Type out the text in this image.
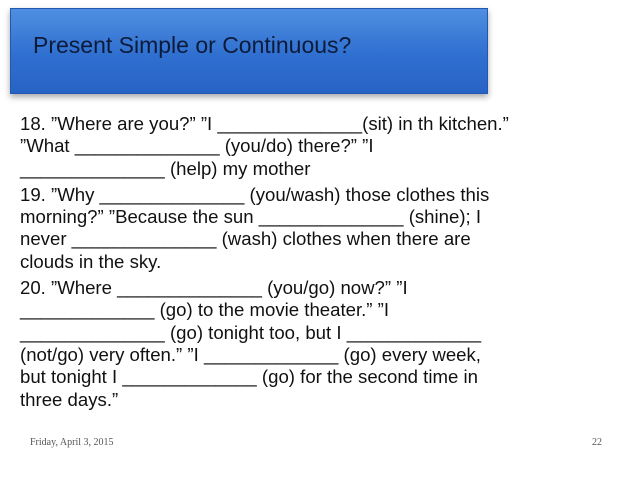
Present Simple or Continuous?
18. ”Where are you?” ”I ______________(sit) in th kitchen.”
”What ______________ (you/do) there?” ”I
______________ (help) my mother
19. ”Why ______________ (you/wash) those clothes this
morning?” ”Because the sun ______________ (shine); I
never ______________ (wash) clothes when there are
clouds in the sky.
20. ”Where ______________ (you/go) now?” ”I
_____________ (go) to the movie theater.” ”I
______________ (go) tonight too, but I _____________
(not/go) very often.” ”I _____________ (go) every week,
but tonight I _____________ (go) for the second time in
three days.”
Friday, April 3, 2015	22
